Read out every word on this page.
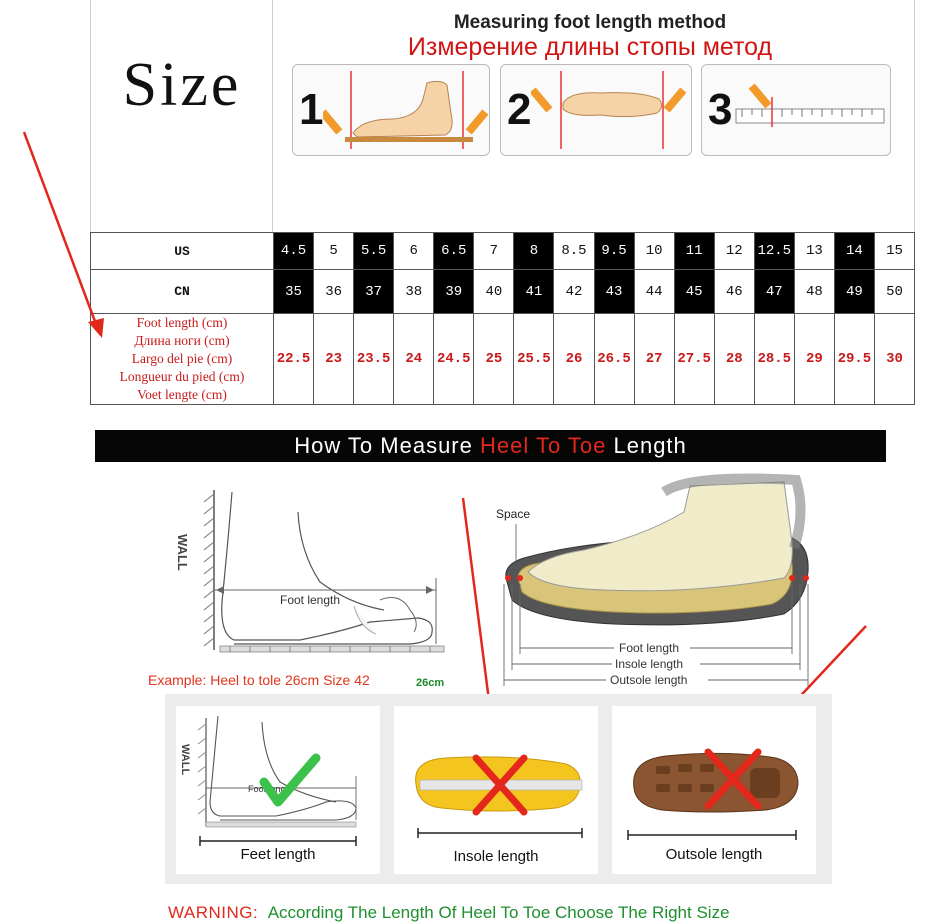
Size
Measuring foot length method
Измерение длины стопы метод
1	2	3
US	4.5	5	5.5	6	6.5	7	8	8.5	9.5	10	11	12	12.5	13	14	15
CN	35	36	37	38	39	40	41	42	43	44	45	46	47	48	49	50

Foot length (cm)
Длина ноги (cm)
Largo del pie (cm)
Longueur du pied (cm)
Voet lengte (cm)	22.5	23	23.5	24	24.5	25	25.5	26	26.5	27	27.5	28	28.5	29	29.5	30
How To Measure Heel To Toe Length
Foot length
WALL
Example: Heel to tole 26cm Size 42	26cm
Space
Foot length
Insole length
Outsole length
Foot length
WALL
Feet length	Insole length	Outsole length
WARNING: According The Length Of Heel To Toe Choose The Right Size
